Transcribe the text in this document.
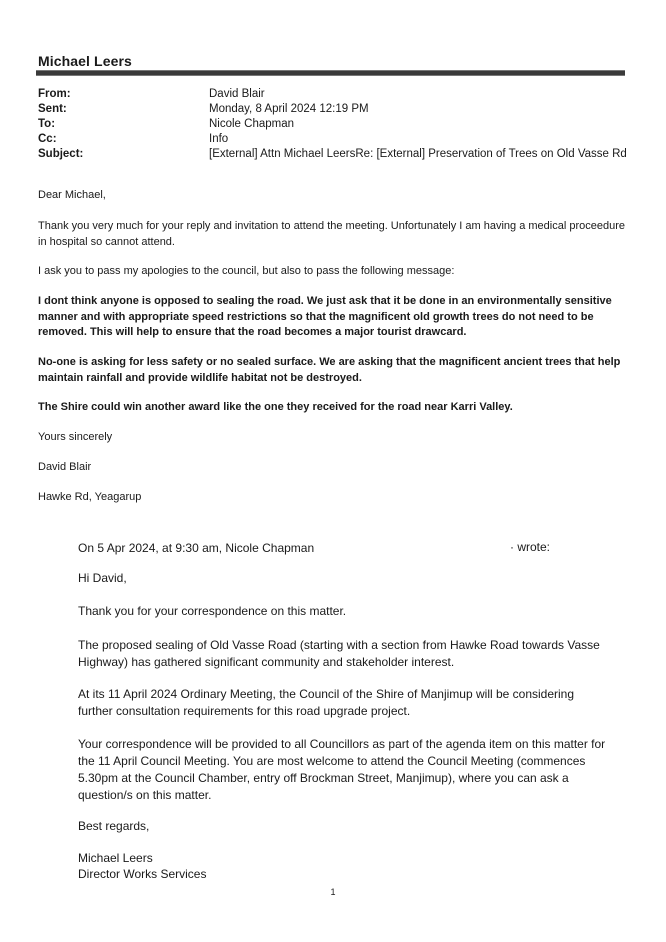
Michael Leers
From:	David Blair
Sent:	Monday, 8 April 2024 12:19 PM
To:	Nicole Chapman
Cc:	Info
Subject:	[External] Attn Michael LeersRe: [External] Preservation of Trees on Old Vasse Rd
Dear Michael,
Thank you very much for your reply and invitation to attend the meeting. Unfortunately I am having a medical proceedure in hospital so cannot attend.
I ask you to pass my apologies to the council, but also to pass the following message:
I dont think anyone is opposed to sealing the road. We just ask that it be done in an environmentally sensitive manner and with appropriate speed restrictions so that the magnificent old growth trees do not need to be removed. This will help to ensure that the road becomes a major tourist drawcard.
No-one is asking for less safety or no sealed surface. We are asking that the magnificent ancient trees that help maintain rainfall and provide wildlife habitat not be destroyed.
The Shire could win another award like the one they received for the road near Karri Valley.
Yours sincerely
David Blair
Hawke Rd, Yeagarup
On 5 Apr 2024, at 9:30 am, Nicole Chapman	· wrote:
Hi David,
Thank you for your correspondence on this matter.
The proposed sealing of Old Vasse Road (starting with a section from Hawke Road towards Vasse Highway) has gathered significant community and stakeholder interest.
At its 11 April 2024 Ordinary Meeting, the Council of the Shire of Manjimup will be considering further consultation requirements for this road upgrade project.
Your correspondence will be provided to all Councillors as part of the agenda item on this matter for the 11 April Council Meeting. You are most welcome to attend the Council Meeting (commences 5.30pm at the Council Chamber, entry off Brockman Street, Manjimup), where you can ask a question/s on this matter.
Best regards,
Michael Leers
Director Works Services
1
